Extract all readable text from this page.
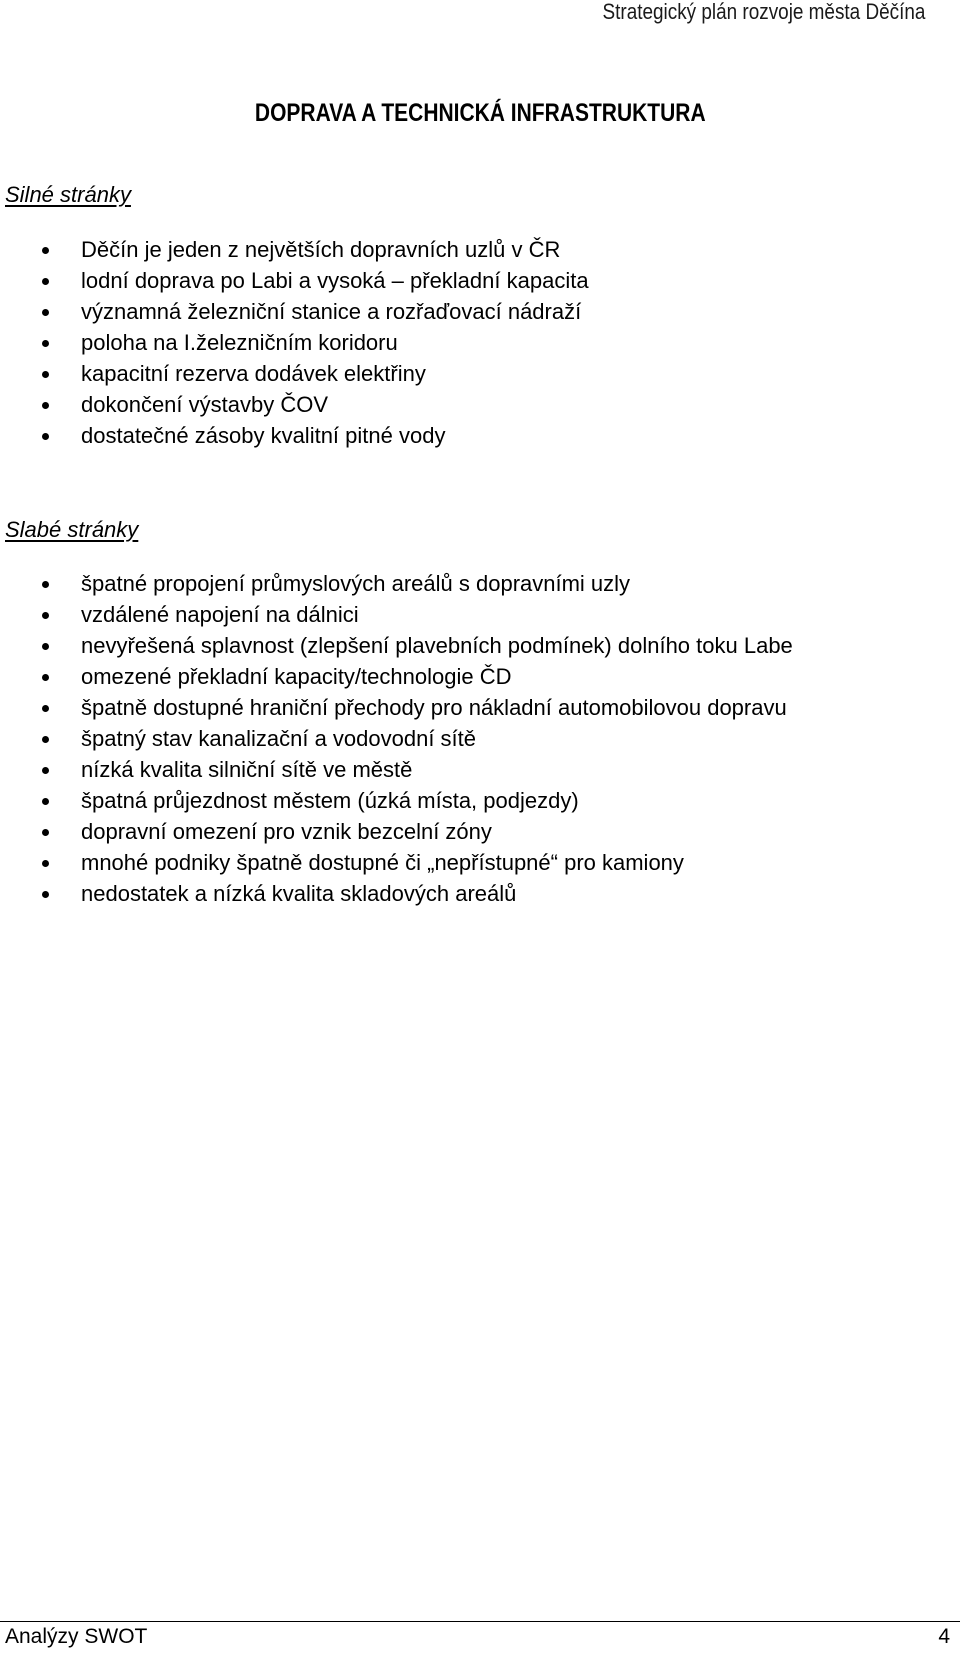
Strategický plán rozvoje města Děčína
DOPRAVA A TECHNICKÁ INFRASTRUKTURA
Silné stránky
Děčín je jeden z největších dopravních uzlů v ČR
lodní doprava po Labi a vysoká – překladní kapacita
významná železniční stanice a rozřaďovací nádraží
poloha na I.železničním koridoru
kapacitní rezerva dodávek elektřiny
dokončení výstavby ČOV
dostatečné zásoby kvalitní pitné vody
Slabé stránky
špatné propojení průmyslových areálů s dopravními uzly
vzdálené napojení na dálnici
nevyřešená splavnost (zlepšení plavebních podmínek) dolního toku Labe
omezené překladní kapacity/technologie ČD
špatně dostupné hraniční přechody pro nákladní automobilovou dopravu
špatný stav kanalizační a vodovodní sítě
nízká kvalita silniční sítě ve městě
špatná průjezdnost městem (úzká místa, podjezdy)
dopravní omezení pro vznik bezcelní zóny
mnohé podniky špatně dostupné či „nepřístupné“ pro kamiony
nedostatek a nízká kvalita skladových areálů
Analýzy SWOT	4
